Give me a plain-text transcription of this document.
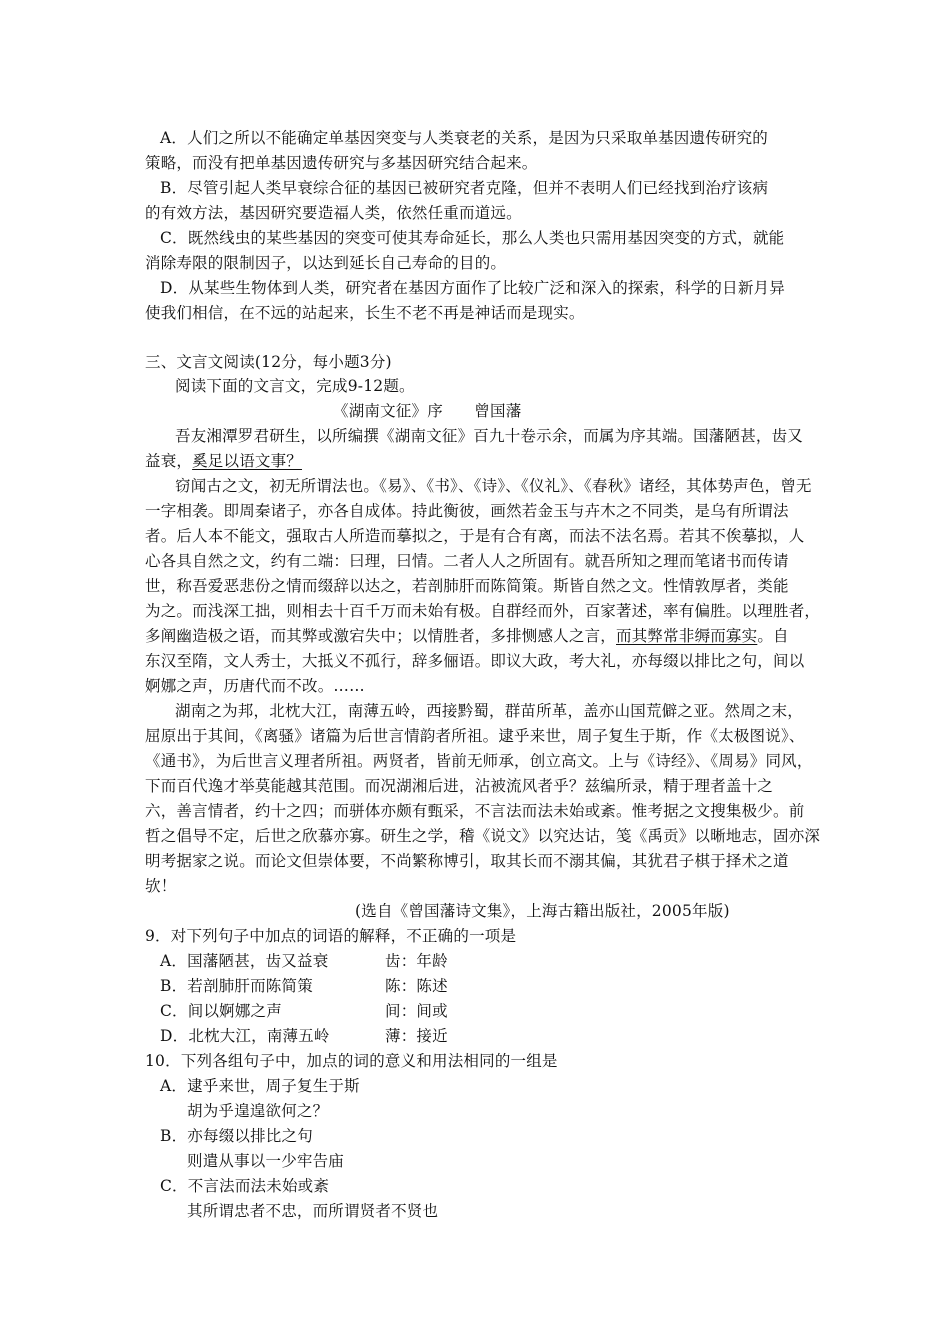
A．人们之所以不能确定单基因突变与人类衰老的关系，是因为只采取单基因遗传研究的
策略，而没有把单基因遗传研究与多基因研究结合起来。
B．尽管引起人类早衰综合征的基因已被研究者克隆，但并不表明人们已经找到治疗该病
的有效方法，基因研究要造福人类，依然任重而道远。
C．既然线虫的某些基因的突变可使其寿命延长，那么人类也只需用基因突变的方式，就能
消除寿限的限制因子，以达到延长自己寿命的目的。
D．从某些生物体到人类，研究者在基因方面作了比较广泛和深入的探索，科学的日新月异
使我们相信，在不远的站起来，长生不老不再是神话而是现实。
三、文言文阅读(12分，每小题3分)
阅读下面的文言文，完成9-12题。
《湖南文征》序　　曾国藩
吾友湘潭罗君研生，以所编撰《湖南文征》百九十卷示余，而属为序其端。国藩陋甚，齿又
益衰，奚足以语文事？
窃闻古之文，初无所谓法也。《易》、《书》、《诗》、《仪礼》、《春秋》诸经，其体势声色，曾无
一字相袭。即周秦诸子，亦各自成体。持此衡彼，画然若金玉与卉木之不同类，是乌有所谓法
者。后人本不能文，强取古人所造而摹拟之，于是有合有离，而法不法名焉。若其不俟摹拟，人
心各具自然之文，约有二端：曰理，曰情。二者人人之所固有。就吾所知之理而笔诸书而传请
世，称吾爱恶悲份之情而缀辞以达之，若剖肺肝而陈简策。斯皆自然之文。性情敦厚者，类能
为之。而浅深工拙，则相去十百千万而未始有极。自群经而外，百家著述，率有偏胜。以理胜者，
多阐幽造极之语，而其弊或激宕失中；以情胜者，多排恻感人之言，而其弊常非缛而寡实。自
东汉至隋，文人秀士，大抵义不孤行，辞多俪语。即议大政，考大礼，亦每缀以排比之句，间以
婀娜之声，历唐代而不改。……
湖南之为邦，北枕大江，南薄五岭，西接黔蜀，群苗所革，盖亦山国荒僻之亚。然周之末，
屈原出于其间，《离骚》诸篇为后世言情韵者所祖。逮乎来世，周子复生于斯，作《太极图说》、
《通书》，为后世言义理者所祖。两贤者，皆前无师承，创立高文。上与《诗经》、《周易》同风，
下而百代逸才举莫能越其范围。而况湖湘后进，沾被流风者乎？兹编所录，精于理者盖十之
六，善言情者，约十之四；而骈体亦颇有甄采，不言法而法未始或紊。惟考据之文搜集极少。前
哲之倡导不定，后世之欣慕亦寡。研生之学，稽《说文》以究达诂，笺《禹贡》以晰地志，固亦深
明考据家之说。而论文但崇体要，不尚繁称博引，取其长而不溺其偏，其犹君子棋于择术之道
欤！
(选自《曾国藩诗文集》，上海古籍出版社，2005年版)
9．对下列句子中加点的词语的解释，不正确的一项是
A．国藩陋甚，齿又益衰	齿：年龄
B．若剖肺肝而陈简策	陈：陈述
C．间以婀娜之声	间：间或
D．北枕大江，南薄五岭	薄：接近
10．下列各组句子中，加点的词的意义和用法相同的一组是
A．逮乎来世，周子复生于斯
胡为乎遑遑欲何之？
B．亦每缀以排比之句
则遣从事以一少牢告庙
C．不言法而法未始或紊
其所谓忠者不忠，而所谓贤者不贤也
